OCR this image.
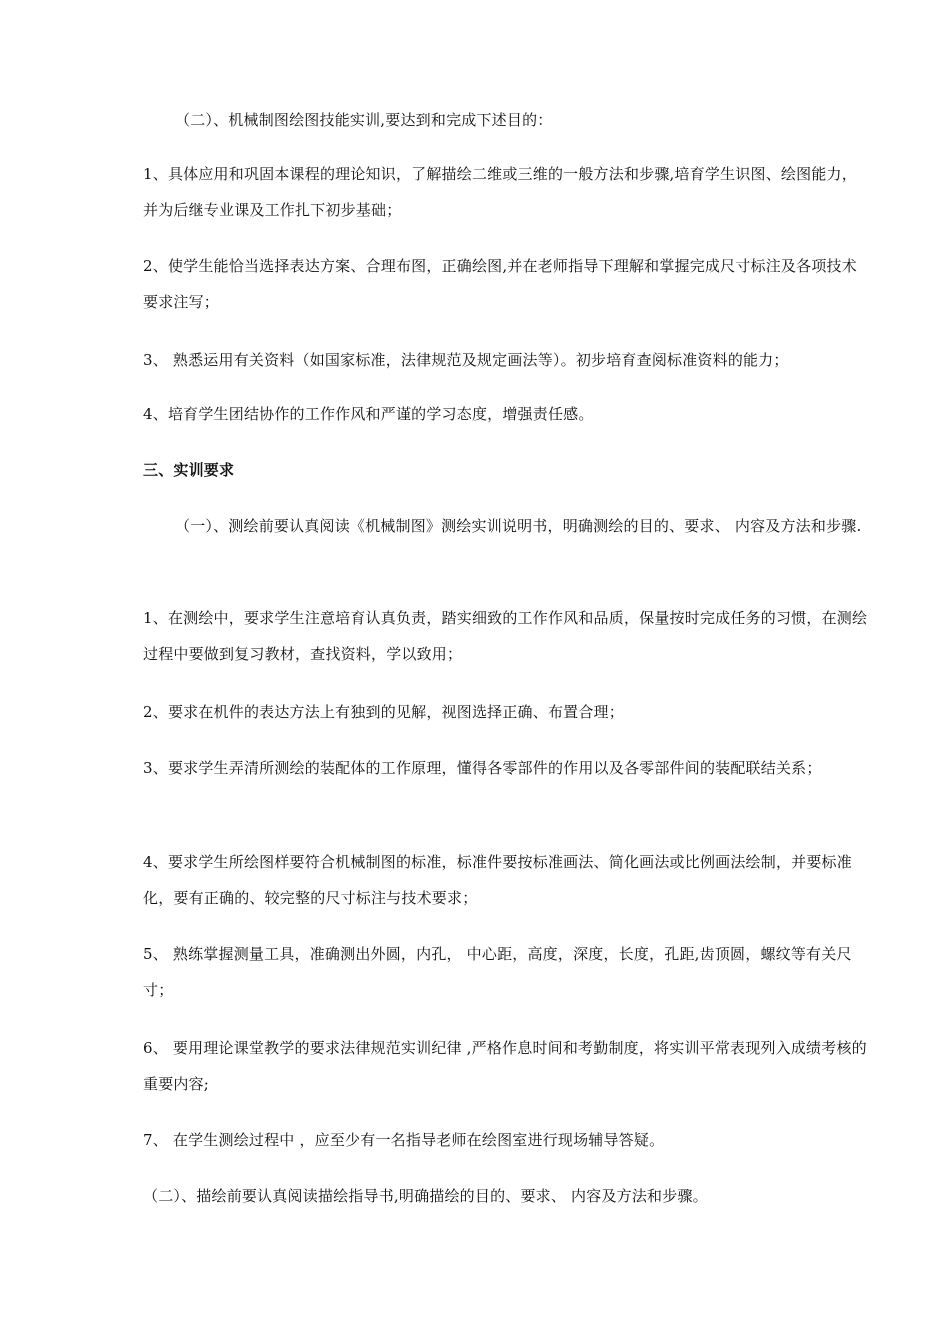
（二）、机械制图绘图技能实训,要达到和完成下述目的：
1、具体应用和巩固本课程的理论知识，了解描绘二维或三维的一般方法和步骤,培育学生识图、绘图能力，并为后继专业课及工作扎下初步基础；
2、使学生能恰当选择表达方案、合理布图，正确绘图,并在老师指导下理解和掌握完成尺寸标注及各项技术要求注写；
3、 熟悉运用有关资料（如国家标准，法律规范及规定画法等）。初步培育查阅标准资料的能力；
4、培育学生团结协作的工作作风和严谨的学习态度，增强责任感。
三、实训要求
（一）、测绘前要认真阅读《机械制图》测绘实训说明书，明确测绘的目的、要求、 内容及方法和步骤.
1、在测绘中，要求学生注意培育认真负责，踏实细致的工作作风和品质，保量按时完成任务的习惯，在测绘过程中要做到复习教材，查找资料，学以致用；
2、要求在机件的表达方法上有独到的见解，视图选择正确、布置合理；
3、要求学生弄清所测绘的装配体的工作原理，懂得各零部件的作用以及各零部件间的装配联结关系；
4、要求学生所绘图样要符合机械制图的标准，标准件要按标准画法、简化画法或比例画法绘制，并要标准化，要有正确的、较完整的尺寸标注与技术要求；
5、 熟练掌握测量工具，准确测出外圆，内孔， 中心距，高度，深度，长度，孔距,齿顶圆，螺纹等有关尺寸；
6、 要用理论课堂教学的要求法律规范实训纪律 ,严格作息时间和考勤制度，将实训平常表现列入成绩考核的重要内容;
7、 在学生测绘过程中 ，应至少有一名指导老师在绘图室进行现场辅导答疑。
（二）、描绘前要认真阅读描绘指导书,明确描绘的目的、要求、 内容及方法和步骤。
